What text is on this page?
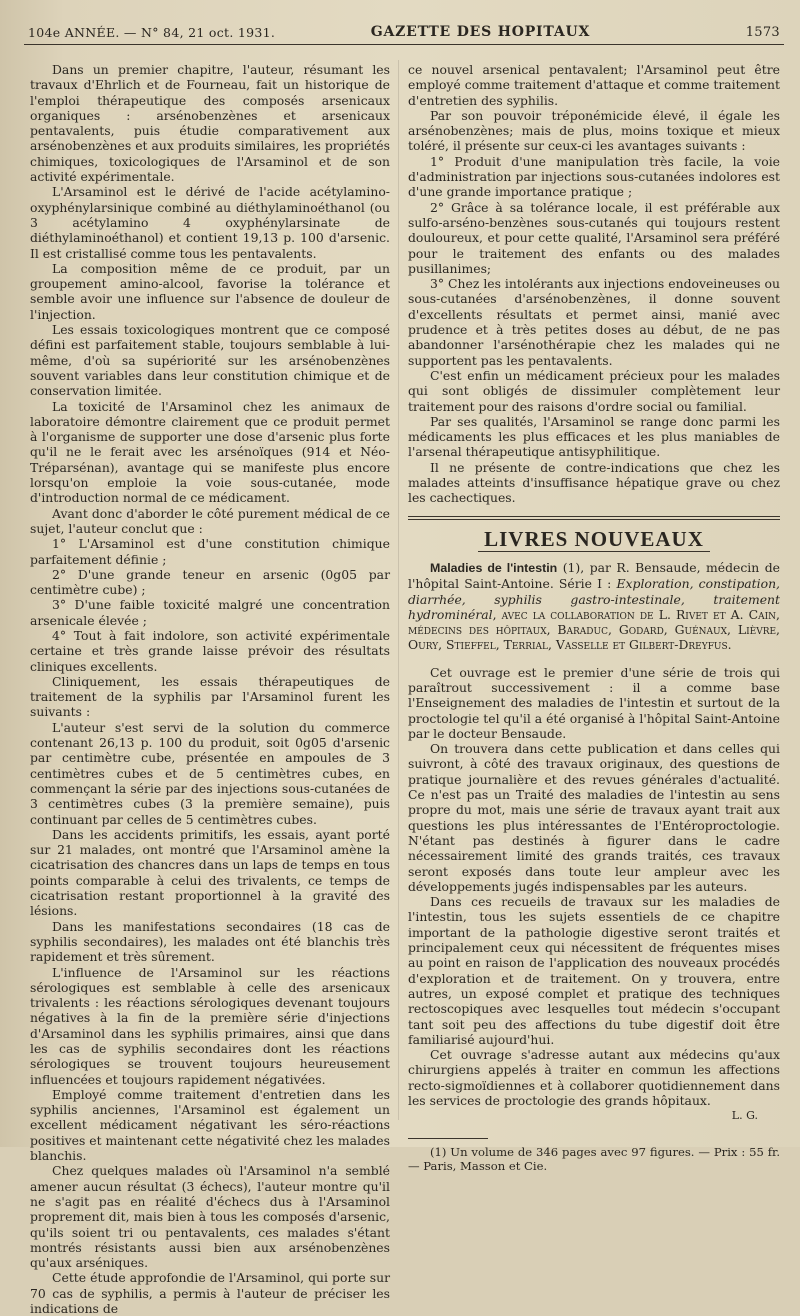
104e ANNÉE. — N° 84, 21 oct. 1931.	GAZETTE DES HOPITAUX	1573

Dans un premier chapitre, l'auteur, résumant les travaux d'Ehrlich et de Fourneau, fait un historique de l'emploi thérapeutique des composés arsenicaux organiques : arsénobenzènes et arsenicaux pentavalents, puis étudie comparativement aux arsénobenzènes et aux produits similaires, les propriétés chimiques, toxicologiques de l'Arsaminol et de son activité expérimentale.

L'Arsaminol est le dérivé de l'acide acétylamino-oxyphénylarsinique combiné au diéthylaminoéthanol (ou 3 acétylamino 4 oxyphénylarsinate de diéthylaminoéthanol) et contient 19,13 p. 100 d'arsenic. Il est cristallisé comme tous les pentavalents.

La composition même de ce produit, par un groupement amino-alcool, favorise la tolérance et semble avoir une influence sur l'absence de douleur de l'injection.

Les essais toxicologiques montrent que ce composé défini est parfaitement stable, toujours semblable à lui-même, d'où sa supériorité sur les arsénobenzènes souvent variables dans leur constitution chimique et de conservation limitée.

La toxicité de l'Arsaminol chez les animaux de laboratoire démontre clairement que ce produit permet à l'organisme de supporter une dose d'arsenic plus forte qu'il ne le ferait avec les arsénoïques (914 et Néo-Tréparsénan), avantage qui se manifeste plus encore lorsqu'on emploie la voie sous-cutanée, mode d'introduction normal de ce médicament.

Avant donc d'aborder le côté purement médical de ce sujet, l'auteur conclut que :

1° L'Arsaminol est d'une constitution chimique parfaitement définie ;

2° D'une grande teneur en arsenic (0g05 par centimètre cube) ;

3° D'une faible toxicité malgré une concentration arsenicale élevée ;

4° Tout à fait indolore, son activité expérimentale certaine et très grande laisse prévoir des résultats cliniques excellents.

Cliniquement, les essais thérapeutiques de traitement de la syphilis par l'Arsaminol furent les suivants :

L'auteur s'est servi de la solution du commerce contenant 26,13 p. 100 du produit, soit 0g05 d'arsenic par centimètre cube, présentée en ampoules de 3 centimètres cubes et de 5 centimètres cubes, en commençant la série par des injections sous-cutanées de 3 centimètres cubes (3 la première semaine), puis continuant par celles de 5 centimètres cubes.

Dans les accidents primitifs, les essais, ayant porté sur 21 malades, ont montré que l'Arsaminol amène la cicatrisation des chancres dans un laps de temps en tous points comparable à celui des trivalents, ce temps de cicatrisation restant proportionnel à la gravité des lésions.

Dans les manifestations secondaires (18 cas de syphilis secondaires), les malades ont été blanchis très rapidement et très sûrement.

L'influence de l'Arsaminol sur les réactions sérologiques est semblable à celle des arsenicaux trivalents : les réactions sérologiques devenant toujours négatives à la fin de la première série d'injections d'Arsaminol dans les syphilis primaires, ainsi que dans les cas de syphilis secondaires dont les réactions sérologiques se trouvent toujours heureusement influencées et toujours rapidement négativées.

Employé comme traitement d'entretien dans les syphilis anciennes, l'Arsaminol est également un excellent médicament négativant les séro-réactions positives et maintenant cette négativité chez les malades blanchis.

Chez quelques malades où l'Arsaminol n'a semblé amener aucun résultat (3 échecs), l'auteur montre qu'il ne s'agit pas en réalité d'échecs dus à l'Arsaminol proprement dit, mais bien à tous les composés d'arsenic, qu'ils soient tri ou pentavalents, ces malades s'étant montrés résistants aussi bien aux arsénobenzènes qu'aux arséniques.

Cette étude approfondie de l'Arsaminol, qui porte sur 70 cas de syphilis, a permis à l'auteur de préciser les indications de

ce nouvel arsenical pentavalent; l'Arsaminol peut être employé comme traitement d'attaque et comme traitement d'entretien des syphilis.

Par son pouvoir tréponémicide élevé, il égale les arsénobenzènes; mais de plus, moins toxique et mieux toléré, il présente sur ceux-ci les avantages suivants :

1° Produit d'une manipulation très facile, la voie d'administration par injections sous-cutanées indolores est d'une grande importance pratique ;

2° Grâce à sa tolérance locale, il est préférable aux sulfo-arséno-benzènes sous-cutanés qui toujours restent douloureux, et pour cette qualité, l'Arsaminol sera préféré pour le traitement des enfants ou des malades pusillanimes;

3° Chez les intolérants aux injections endoveineuses ou sous-cutanées d'arsénobenzènes, il donne souvent d'excellents résultats et permet ainsi, manié avec prudence et à très petites doses au début, de ne pas abandonner l'arsénothérapie chez les malades qui ne supportent pas les pentavalents.

C'est enfin un médicament précieux pour les malades qui sont obligés de dissimuler complètement leur traitement pour des raisons d'ordre social ou familial.

Par ses qualités, l'Arsaminol se range donc parmi les médicaments les plus efficaces et les plus maniables de l'arsenal thérapeutique antisyphilitique.

Il ne présente de contre-indications que chez les malades atteints d'insuffisance hépatique grave ou chez les cachectiques.

LIVRES NOUVEAUX

Maladies de l'intestin (1), par R. Bensaude, médecin de l'hôpital Saint-Antoine. Série I : Exploration, constipation, diarrhée, syphilis gastro-intestinale, traitement hydrominéral, avec la collaboration de L. Rivet et A. Cain, médecins des hôpitaux, Baraduc, Godard, Guénaux, Lièvre, Oury, Stieffel, Terrial, Vasselle et Gilbert-Dreyfus.

Cet ouvrage est le premier d'une série de trois qui paraîtrout successivement : il a comme base l'Enseignement des maladies de l'intestin et surtout de la proctologie tel qu'il a été organisé à l'hôpital Saint-Antoine par le docteur Bensaude.

On trouvera dans cette publication et dans celles qui suivront, à côté des travaux originaux, des questions de pratique journalière et des revues générales d'actualité. Ce n'est pas un Traité des maladies de l'intestin au sens propre du mot, mais une série de travaux ayant trait aux questions les plus intéressantes de l'Entéroproctologie. N'étant pas destinés à figurer dans le cadre nécessairement limité des grands traités, ces travaux seront exposés dans toute leur ampleur avec les développements jugés indispensables par les auteurs.

Dans ces recueils de travaux sur les maladies de l'intestin, tous les sujets essentiels de ce chapitre important de la pathologie digestive seront traités et principalement ceux qui nécessitent de fréquentes mises au point en raison de l'application des nouveaux procédés d'exploration et de traitement. On y trouvera, entre autres, un exposé complet et pratique des techniques rectoscopiques avec lesquelles tout médecin s'occupant tant soit peu des affections du tube digestif doit être familiarisé aujourd'hui.

Cet ouvrage s'adresse autant aux médecins qu'aux chirurgiens appelés à traiter en commun les affections recto-sigmoïdiennes et à collaborer quotidiennement dans les services de proctologie des grands hôpitaux.

L. G.

(1) Un volume de 346 pages avec 97 figures. — Prix : 55 fr. — Paris, Masson et Cie.
